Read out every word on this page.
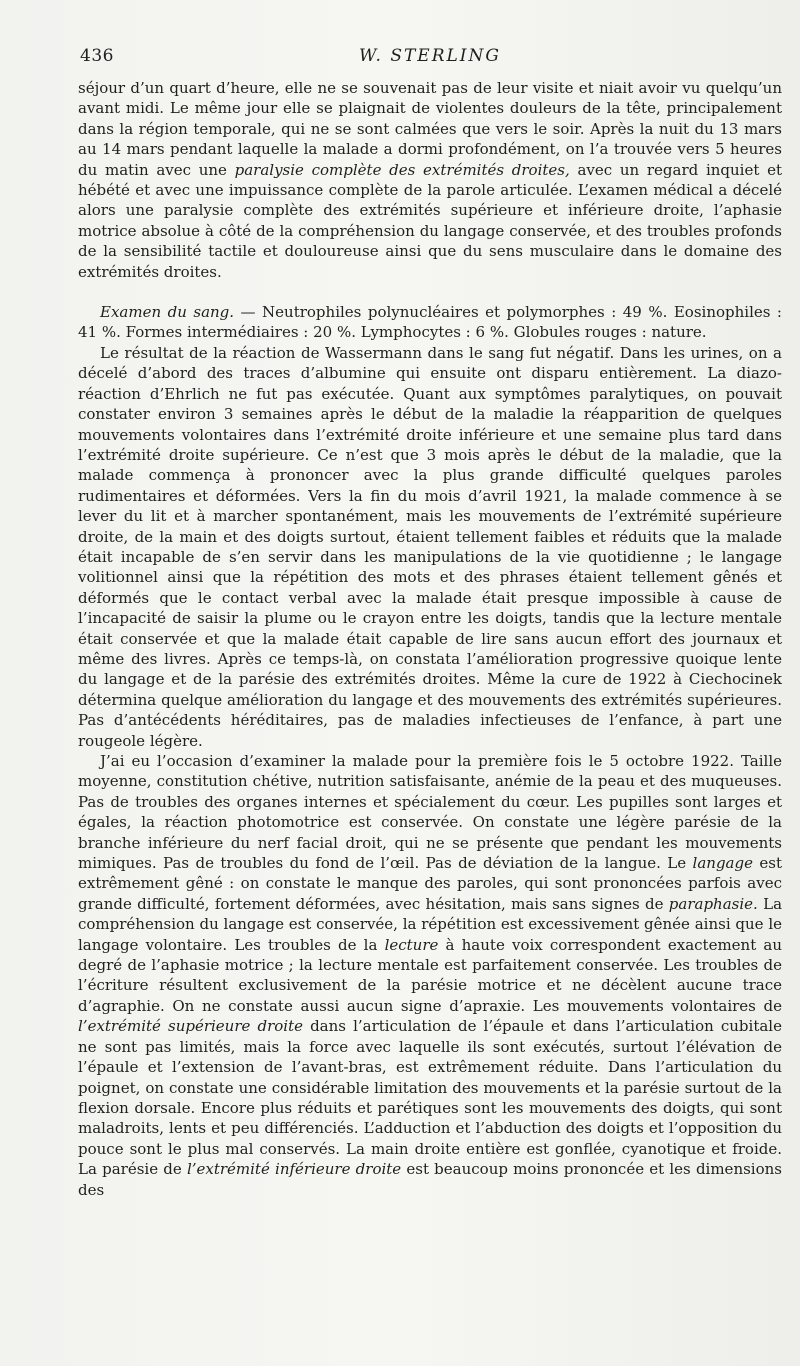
436	W. STERLING

séjour d’un quart d’heure, elle ne se souvenait pas de leur visite et niait avoir vu quelqu’un avant midi. Le même jour elle se plaignait de violentes douleurs de la tête, principalement dans la région temporale, qui ne se sont calmées que vers le soir. Après la nuit du 13 mars au 14 mars pendant laquelle la malade a dormi profondément, on l’a trouvée vers 5 heures du matin avec une paralysie complète des extrémités droites, avec un regard inquiet et hébété et avec une impuissance complète de la parole articulée. L’examen médical a décelé alors une paralysie complète des extrémités supérieure et inférieure droite, l’aphasie motrice absolue à côté de la compréhension du langage conservée, et des troubles profonds de la sensibilité tactile et douloureuse ainsi que du sens musculaire dans le domaine des extrémités droites.

Examen du sang. — Neutrophiles polynucléaires et polymorphes : 49 %. Eosinophiles : 41 %. Formes intermédiaires : 20 %. Lymphocytes : 6 %. Globules rouges : nature.

Le résultat de la réaction de Wassermann dans le sang fut négatif. Dans les urines, on a décelé d’abord des traces d’albumine qui ensuite ont disparu entièrement. La diazo-réaction d’Ehrlich ne fut pas exécutée. Quant aux symptômes paralytiques, on pouvait constater environ 3 semaines après le début de la maladie la réapparition de quelques mouvements volontaires dans l’extrémité droite inférieure et une semaine plus tard dans l’extrémité droite supérieure. Ce n’est que 3 mois après le début de la maladie, que la malade commença à prononcer avec la plus grande difficulté quelques paroles rudimentaires et déformées. Vers la fin du mois d’avril 1921, la malade commence à se lever du lit et à marcher spontanément, mais les mouvements de l’extrémité supérieure droite, de la main et des doigts surtout, étaient tellement faibles et réduits que la malade était incapable de s’en servir dans les manipulations de la vie quotidienne ; le langage volitionnel ainsi que la répétition des mots et des phrases étaient tellement gênés et déformés que le contact verbal avec la malade était presque impossible à cause de l’incapacité de saisir la plume ou le crayon entre les doigts, tandis que la lecture mentale était conservée et que la malade était capable de lire sans aucun effort des journaux et même des livres. Après ce temps-là, on constata l’amélioration progressive quoique lente du langage et de la parésie des extrémités droites. Même la cure de 1922 à Ciechocinek détermina quelque amélioration du langage et des mouvements des extrémités supérieures. Pas d’antécédents héréditaires, pas de maladies infectieuses de l’enfance, à part une rougeole légère.

J’ai eu l’occasion d’examiner la malade pour la première fois le 5 octobre 1922. Taille moyenne, constitution chétive, nutrition satisfaisante, anémie de la peau et des muqueuses. Pas de troubles des organes internes et spécialement du cœur. Les pupilles sont larges et égales, la réaction photomotrice est conservée. On constate une légère parésie de la branche inférieure du nerf facial droit, qui ne se présente que pendant les mouvements mimiques. Pas de troubles du fond de l’œil. Pas de déviation de la langue. Le langage est extrêmement gêné : on constate le manque des paroles, qui sont prononcées parfois avec grande difficulté, fortement déformées, avec hésitation, mais sans signes de paraphasie. La compréhension du langage est conservée, la répétition est excessivement gênée ainsi que le langage volontaire. Les troubles de la lecture à haute voix correspondent exactement au degré de l’aphasie motrice ; la lecture mentale est parfaitement conservée. Les troubles de l’écriture résultent exclusivement de la parésie motrice et ne décèlent aucune trace d’agraphie. On ne constate aussi aucun signe d’apraxie. Les mouvements volontaires de l’extrémité supérieure droite dans l’articulation de l’épaule et dans l’articulation cubitale ne sont pas limités, mais la force avec laquelle ils sont exécutés, surtout l’élévation de l’épaule et l’extension de l’avant-bras, est extrêmement réduite. Dans l’articulation du poignet, on constate une considérable limitation des mouvements et la parésie surtout de la flexion dorsale. Encore plus réduits et parétiques sont les mouvements des doigts, qui sont maladroits, lents et peu différenciés. L’adduction et l’abduction des doigts et l’opposition du pouce sont le plus mal conservés. La main droite entière est gonflée, cyanotique et froide. La parésie de l’extrémité inférieure droite est beaucoup moins prononcée et les dimensions des
